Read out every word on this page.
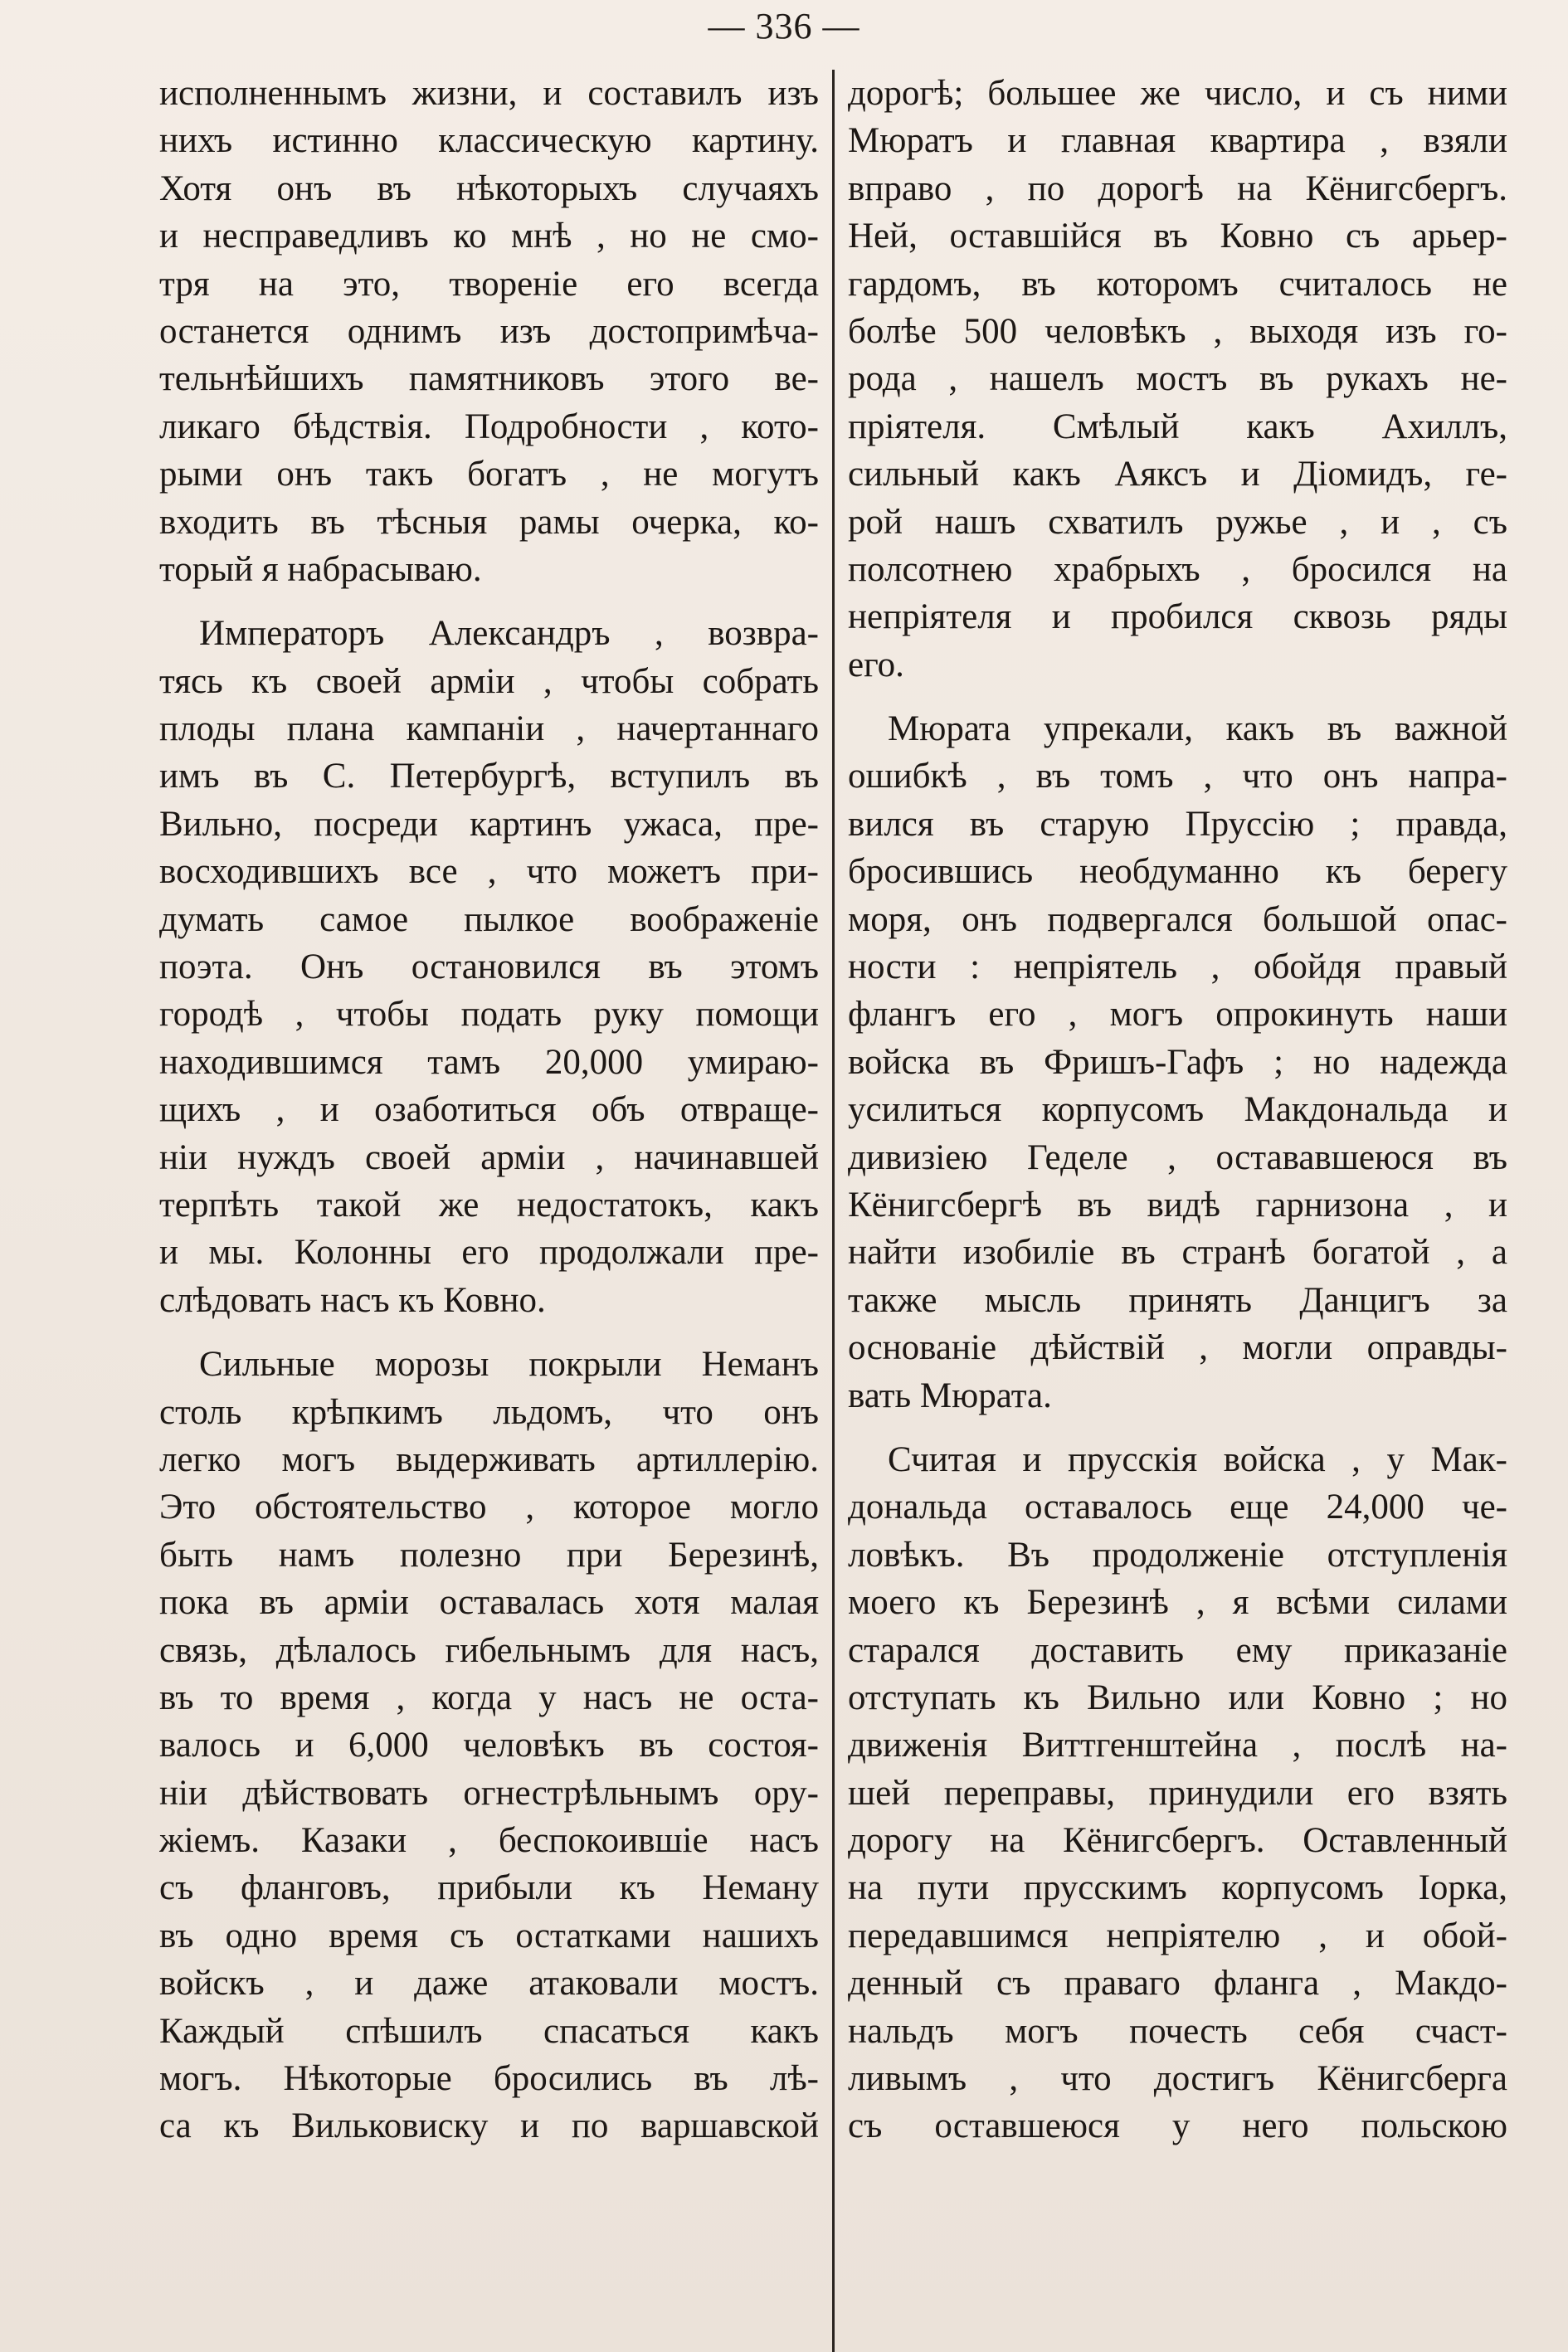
— 336 —
исполненнымъ жизни, и составилъ изъ
нихъ истинно классическую картину.
Хотя онъ въ нѣкоторыхъ случаяхъ
и несправедливъ ко мнѣ , но не смо-
тря на это, твореніе его всегда
останется однимъ изъ достопримѣча-
тельнѣйшихъ памятниковъ этого ве-
ликаго бѣдствія. Подробности , кото-
рыми онъ такъ богатъ , не могутъ
входить въ тѣсныя рамы очерка, ко-
торый я набрасываю.
Императоръ Александръ , возвра-
тясь къ своей арміи , чтобы собрать
плоды плана кампаніи , начертаннаго
имъ въ С. Петербургѣ, вступилъ въ
Вильно, посреди картинъ ужаса, пре-
восходившихъ все , что можетъ при-
думать самое пылкое воображеніе
поэта. Онъ остановился въ этомъ
городѣ , чтобы подать руку помощи
находившимся тамъ 20,000 умираю-
щихъ , и озаботиться объ отвраще-
ніи нуждъ своей арміи , начинавшей
терпѣть такой же недостатокъ, какъ
и мы. Колонны его продолжали пре-
слѣдовать насъ къ Ковно.
Сильные морозы покрыли Неманъ
столь крѣпкимъ льдомъ, что онъ
легко могъ выдерживать артиллерію.
Это обстоятельство , которое могло
быть намъ полезно при Березинѣ,
пока въ арміи оставалась хотя малая
связь, дѣлалось гибельнымъ для насъ,
въ то время , когда у насъ не оста-
валось и 6,000 человѣкъ въ состоя-
ніи дѣйствовать огнестрѣльнымъ ору-
жіемъ. Казаки , беспокоившіе насъ
съ фланговъ, прибыли къ Неману
въ одно время съ остатками нашихъ
войскъ , и даже атаковали мостъ.
Каждый спѣшилъ спасаться какъ
могъ. Нѣкоторые бросились въ лѣ-
са къ Вильковиску и по варшавской
дорогѣ; большее же число, и съ ними
Мюратъ и главная квартира , взяли
вправо , по дорогѣ на Кёнигсбергъ.
Ней, оставшійся въ Ковно съ арьер-
гардомъ, въ которомъ считалось не
болѣе 500 человѣкъ , выходя изъ го-
рода , нашелъ мостъ въ рукахъ не-
пріятеля. Смѣлый какъ Ахиллъ,
сильный какъ Аяксъ и Діомидъ, ге-
рой нашъ схватилъ ружье , и , съ
полсотнею храбрыхъ , бросился на
непріятеля и пробился сквозь ряды
его.
Мюрата упрекали, какъ въ важной
ошибкѣ , въ томъ , что онъ напра-
вился въ старую Пруссію ; правда,
бросившись необдуманно къ берегу
моря, онъ подвергался большой опас-
ности : непріятель , обойдя правый
флангъ его , могъ опрокинуть наши
войска въ Фришъ-Гафъ ; но надежда
усилиться корпусомъ Макдональда и
дивизіею Геделе , остававшеюся въ
Кёнигсбергѣ въ видѣ гарнизона , и
найти изобиліе въ странѣ богатой , а
также мысль принять Данцигъ за
основаніе дѣйствій , могли оправды-
вать Мюрата.
Считая и прусскія войска , у Мак-
дональда оставалось еще 24,000 че-
ловѣкъ. Въ продолженіе отступленія
моего къ Березинѣ , я всѣми силами
старался доставить ему приказаніе
отступать къ Вильно или Ковно ; но
движенія Виттгенштейна , послѣ на-
шей переправы, принудили его взять
дорогу на Кёнигсбергъ. Оставленный
на пути прусскимъ корпусомъ Іорка,
передавшимся непріятелю , и обой-
денный съ праваго фланга , Макдо-
нальдъ могъ почесть себя счаст-
ливымъ , что достигъ Кёнигсберга
съ оставшеюся у него польскою
